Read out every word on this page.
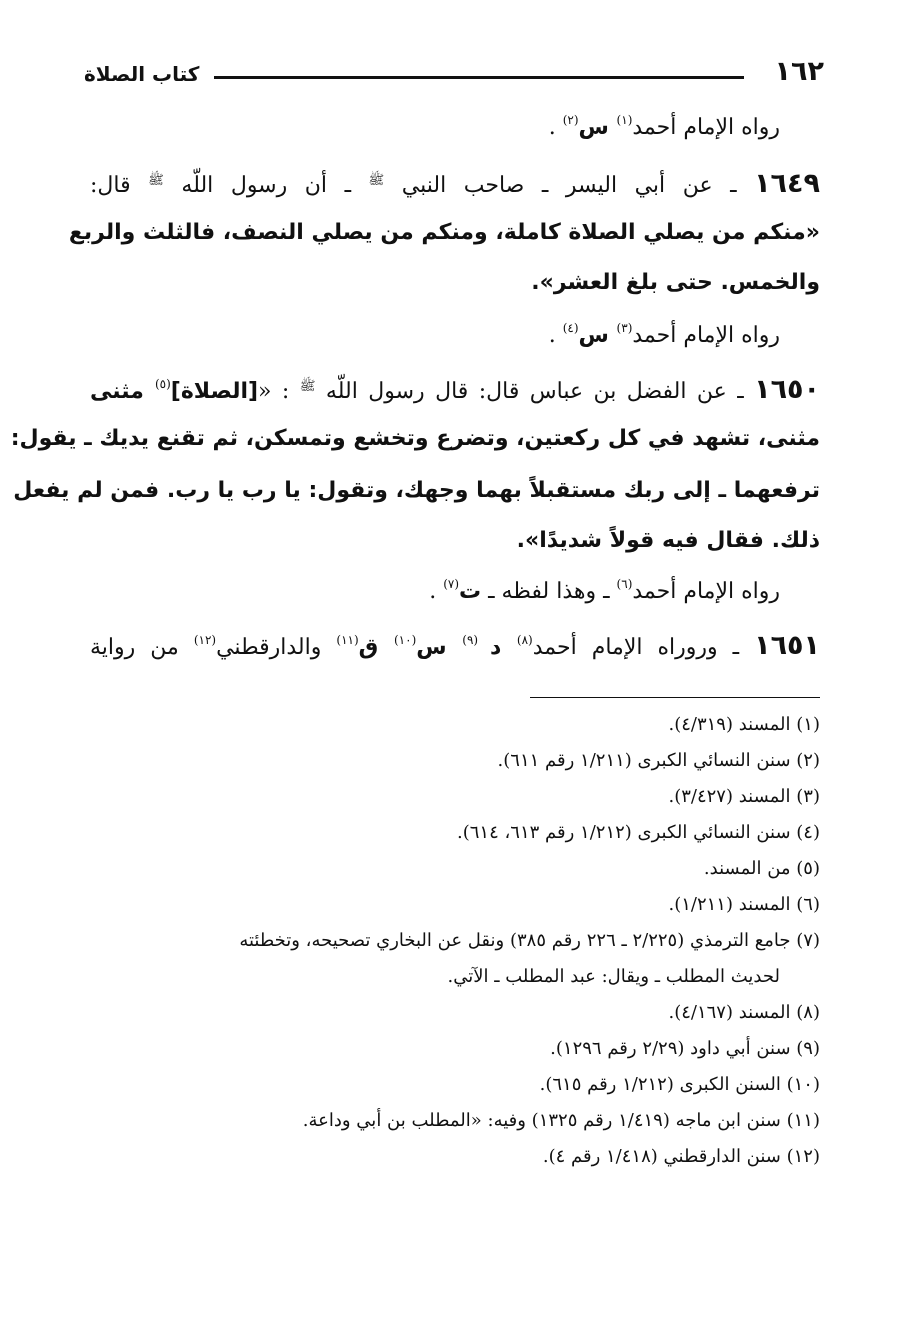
١٦٢
كتاب الصلاة
رواه الإمام أحمد$^{(١)}$ س$^{(٢)}$ .
١٦٤٩ ـ عن أبي اليسر ـ صاحب النبي $^ﷺ$ ـ أن رسول اللّه $^ﷺ$ قال:
«منكم من يصلي الصلاة كاملة، ومنكم من يصلي النصف، فالثلث والربع
والخمس. حتى بلغ العشر».
رواه الإمام أحمد$^{(٣)}$ س$^{(٤)}$ .
١٦٥٠ ـ عن الفضل بن عباس قال: قال رسول اللّه $^ﷺ$ : «[الصلاة]$^{(٥)}$ مثنى
مثنى، تشهد في كل ركعتين، وتضرع وتخشع وتمسكن، ثم تقنع يديك ـ يقول:
ترفعهما ـ إلى ربك مستقبلاً بهما وجهك، وتقول: يا رب يا رب. فمن لم يفعل
ذلك. فقال فيه قولاً شديدًا».
رواه الإمام أحمد$^{(٦)}$ ـ وهذا لفظه ـ ت$^{(٧)}$ .
١٦٥١ ـ وروراه الإمام أحمد$^{(٨)}$ د $^{(٩)}$ س$^{(١٠)}$ ق$^{(١١)}$ والدارقطني$^{(١٢)}$ من رواية
(١) المسند (٤/٣١٩).
(٢) سنن النسائي الكبرى (١/٢١١ رقم ٦١١).
(٣) المسند (٣/٤٢٧).
(٤) سنن النسائي الكبرى (١/٢١٢ رقم ٦١٣، ٦١٤).
(٥) من المسند.
(٦) المسند (١/٢١١).
(٧) جامع الترمذي (٢/٢٢٥ ـ ٢٢٦ رقم ٣٨٥) ونقل عن البخاري تصحيحه، وتخطئته
لحديث المطلب ـ ويقال: عبد المطلب ـ الآتي.
(٨) المسند (٤/١٦٧).
(٩) سنن أبي داود (٢/٢٩ رقم ١٢٩٦).
(١٠) السنن الكبرى (١/٢١٢ رقم ٦١٥).
(١١) سنن ابن ماجه (١/٤١٩ رقم ١٣٢٥) وفيه: «المطلب بن أبي وداعة.
(١٢) سنن الدارقطني (١/٤١٨ رقم ٤).
